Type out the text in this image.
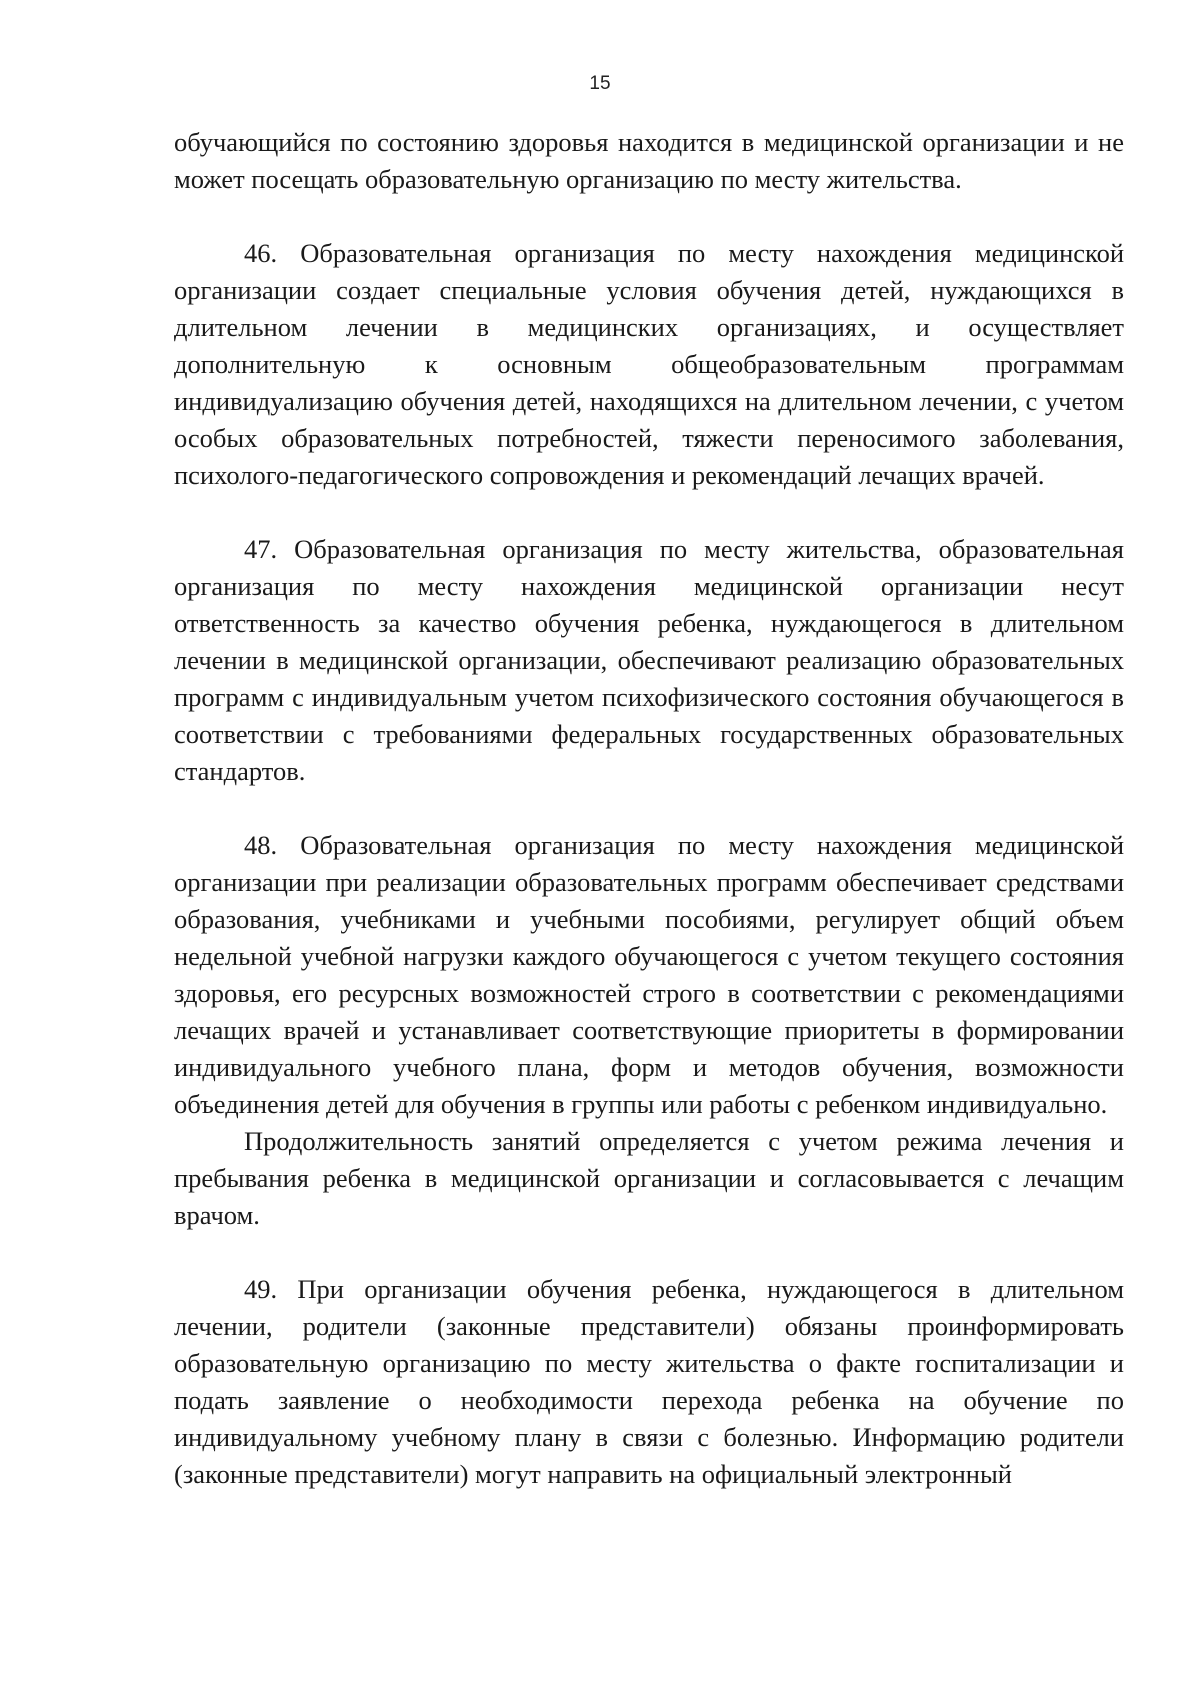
15

обучающийся по состоянию здоровья находится в медицинской организации и не может посещать образовательную организацию по месту жительства.

46. Образовательная организация по месту нахождения медицинской организации создает специальные условия обучения детей, нуждающихся в длительном лечении в медицинских организациях, и осуществляет дополнительную к основным общеобразовательным программам индивидуализацию обучения детей, находящихся на длительном лечении, с учетом особых образовательных потребностей, тяжести переносимого заболевания, психолого-педагогического сопровождения и рекомендаций лечащих врачей.

47. Образовательная организация по месту жительства, образовательная организация по месту нахождения медицинской организации несут ответственность за качество обучения ребенка, нуждающегося в длительном лечении в медицинской организации, обеспечивают реализацию образовательных программ с индивидуальным учетом психофизического состояния обучающегося в соответствии с требованиями федеральных государственных образовательных стандартов.

48. Образовательная организация по месту нахождения медицинской организации при реализации образовательных программ обеспечивает средствами образования, учебниками и учебными пособиями, регулирует общий объем недельной учебной нагрузки каждого обучающегося с учетом текущего состояния здоровья, его ресурсных возможностей строго в соответствии с рекомендациями лечащих врачей и устанавливает соответствующие приоритеты в формировании индивидуального учебного плана, форм и методов обучения, возможности объединения детей для обучения в группы или работы с ребенком индивидуально.

Продолжительность занятий определяется с учетом режима лечения и пребывания ребенка в медицинской организации и согласовывается с лечащим врачом.

49. При организации обучения ребенка, нуждающегося в длительном лечении, родители (законные представители) обязаны проинформировать образовательную организацию по месту жительства о факте госпитализации и подать заявление о необходимости перехода ребенка на обучение по индивидуальному учебному плану в связи с болезнью. Информацию родители (законные представители) могут направить на официальный электронный
